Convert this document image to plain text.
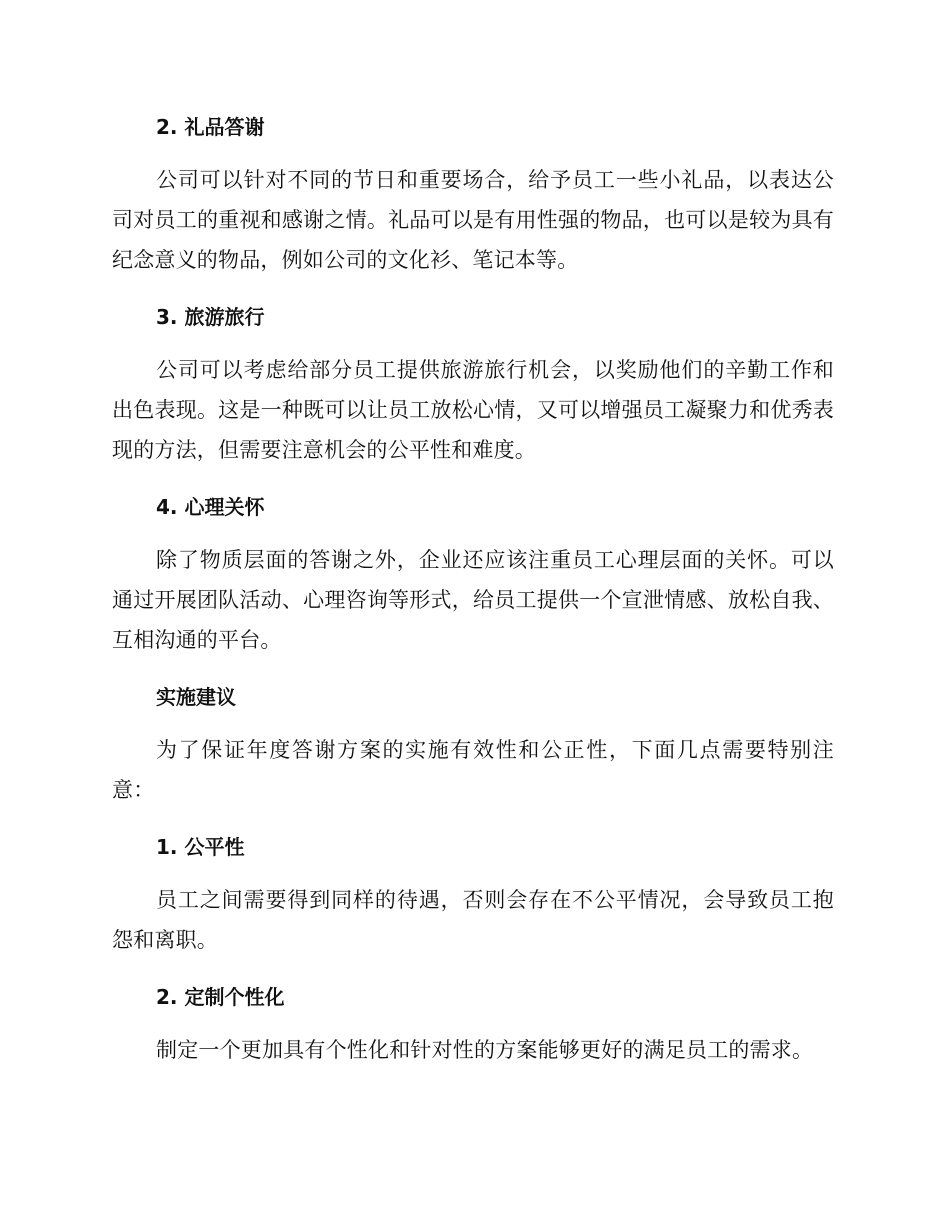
2. 礼品答谢

公司可以针对不同的节日和重要场合，给予员工一些小礼品，以表达公司对员工的重视和感谢之情。礼品可以是有用性强的物品，也可以是较为具有纪念意义的物品，例如公司的文化衫、笔记本等。

3. 旅游旅行

公司可以考虑给部分员工提供旅游旅行机会，以奖励他们的辛勤工作和出色表现。这是一种既可以让员工放松心情，又可以增强员工凝聚力和优秀表现的方法，但需要注意机会的公平性和难度。

4. 心理关怀

除了物质层面的答谢之外，企业还应该注重员工心理层面的关怀。可以通过开展团队活动、心理咨询等形式，给员工提供一个宣泄情感、放松自我、互相沟通的平台。

实施建议

为了保证年度答谢方案的实施有效性和公正性，下面几点需要特别注意：

1. 公平性

员工之间需要得到同样的待遇，否则会存在不公平情况，会导致员工抱怨和离职。

2. 定制个性化

制定一个更加具有个性化和针对性的方案能够更好的满足员工的需求。
